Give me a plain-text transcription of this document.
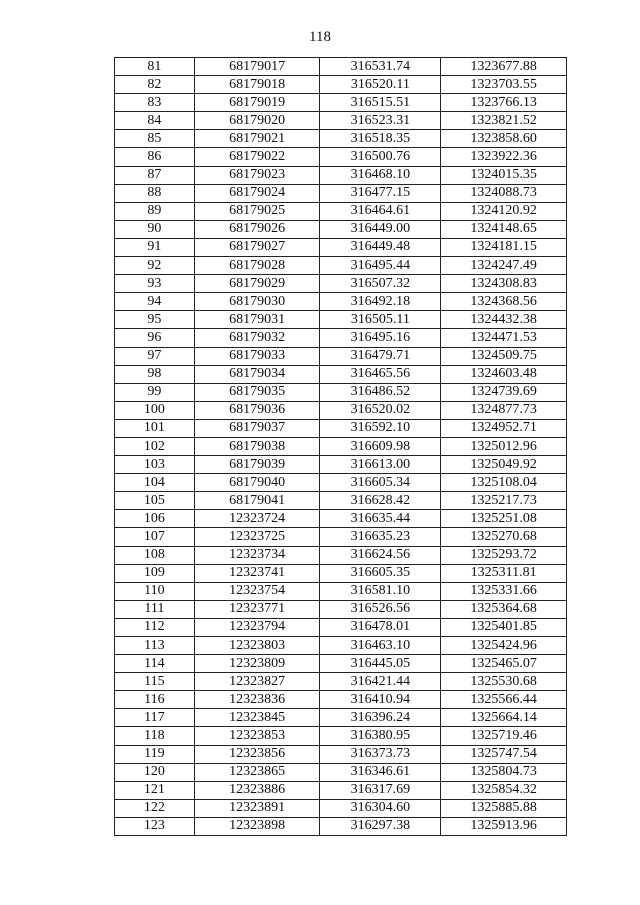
118
81	68179017	316531.74	1323677.88
82	68179018	316520.11	1323703.55
83	68179019	316515.51	1323766.13
84	68179020	316523.31	1323821.52
85	68179021	316518.35	1323858.60
86	68179022	316500.76	1323922.36
87	68179023	316468.10	1324015.35
88	68179024	316477.15	1324088.73
89	68179025	316464.61	1324120.92
90	68179026	316449.00	1324148.65
91	68179027	316449.48	1324181.15
92	68179028	316495.44	1324247.49
93	68179029	316507.32	1324308.83
94	68179030	316492.18	1324368.56
95	68179031	316505.11	1324432.38
96	68179032	316495.16	1324471.53
97	68179033	316479.71	1324509.75
98	68179034	316465.56	1324603.48
99	68179035	316486.52	1324739.69
100	68179036	316520.02	1324877.73
101	68179037	316592.10	1324952.71
102	68179038	316609.98	1325012.96
103	68179039	316613.00	1325049.92
104	68179040	316605.34	1325108.04
105	68179041	316628.42	1325217.73
106	12323724	316635.44	1325251.08
107	12323725	316635.23	1325270.68
108	12323734	316624.56	1325293.72
109	12323741	316605.35	1325311.81
110	12323754	316581.10	1325331.66
111	12323771	316526.56	1325364.68
112	12323794	316478.01	1325401.85
113	12323803	316463.10	1325424.96
114	12323809	316445.05	1325465.07
115	12323827	316421.44	1325530.68
116	12323836	316410.94	1325566.44
117	12323845	316396.24	1325664.14
118	12323853	316380.95	1325719.46
119	12323856	316373.73	1325747.54
120	12323865	316346.61	1325804.73
121	12323886	316317.69	1325854.32
122	12323891	316304.60	1325885.88
123	12323898	316297.38	1325913.96
